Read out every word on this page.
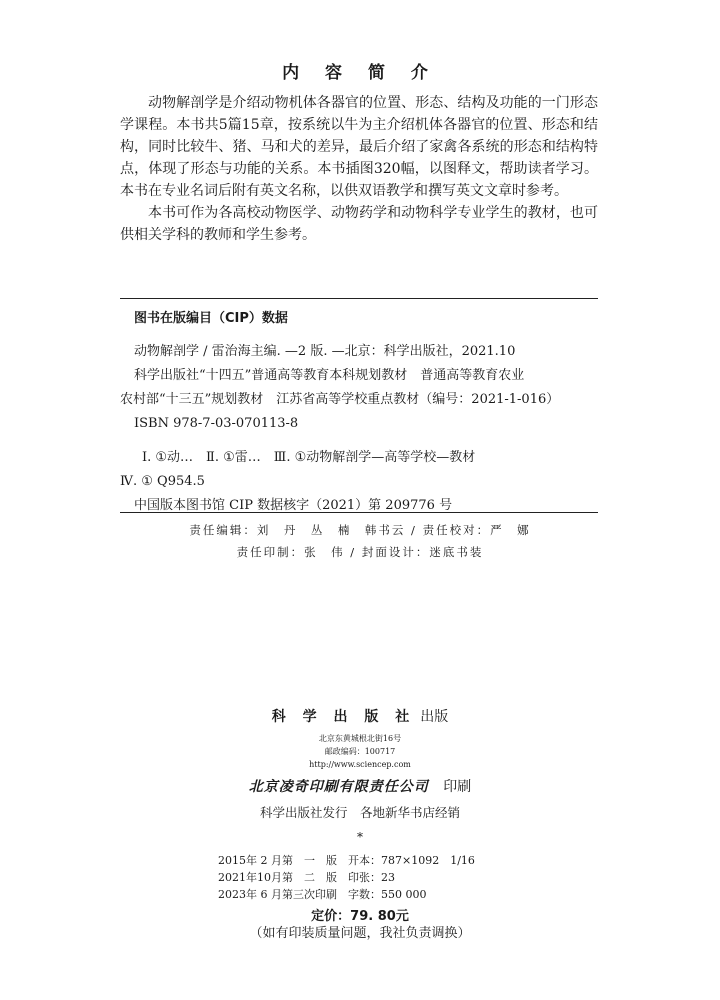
内 容 简 介

动物解剖学是介绍动物机体各器官的位置、形态、结构及功能的一门形态学课程。本书共5篇15章，按系统以牛为主介绍机体各器官的位置、形态和结构，同时比较牛、猪、马和犬的差异，最后介绍了家禽各系统的形态和结构特点，体现了形态与功能的关系。本书插图320幅，以图释文，帮助读者学习。本书在专业名词后附有英文名称，以供双语教学和撰写英文文章时参考。

本书可作为各高校动物医学、动物药学和动物科学专业学生的教材，也可供相关学科的教师和学生参考。

图书在版编目（CIP）数据
动物解剖学 / 雷治海主编. —2 版. —北京：科学出版社，2021.10
科学出版社“十四五”普通高等教育本科规划教材　普通高等教育农业
农村部“十三五”规划教材　江苏省高等学校重点教材（编号：2021-1-016）
ISBN 978-7-03-070113-8
Ⅰ. ①动…　Ⅱ. ①雷…　Ⅲ. ①动物解剖学—高等学校—教材
Ⅳ. ① Q954.5
中国版本图书馆 CIP 数据核字（2021）第 209776 号
责任编辑：刘　丹　丛　楠　韩书云 / 责任校对：严　娜
责任印制：张　伟 / 封面设计：迷底书装
科 学 出 版 社 出版
北京东黄城根北街16号
邮政编码：100717
http://www.sciencep.com
北京凌奇印刷有限责任公司 印刷
科学出版社发行　各地新华书店经销
*
2015年 2 月第　一　版　开本：787×1092　1/16
2021年10月第　二　版　印张：23
2023年 6 月第三次印刷　字数：550 000
定价：79. 80元
（如有印装质量问题，我社负责调换）
